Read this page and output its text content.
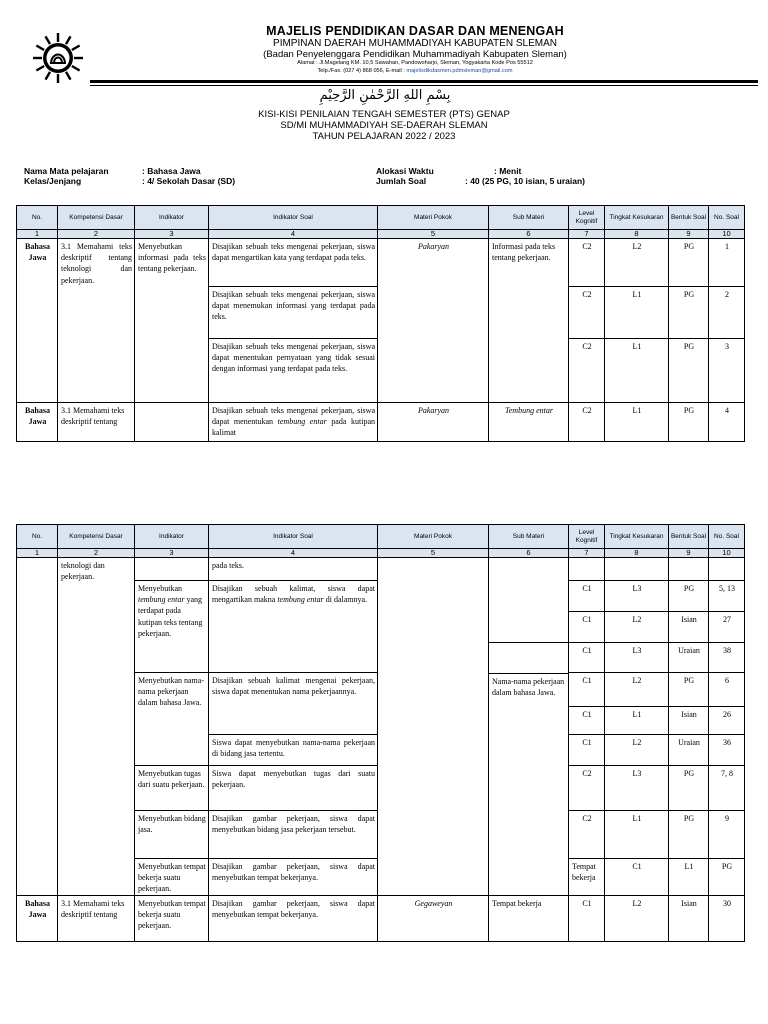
MAJELIS PENDIDIKAN DASAR DAN MENENGAH
PIMPINAN DAERAH MUHAMMADIYAH KABUPATEN SLEMAN
(Badan Penyelenggara Pendidikan Muhammadiyah Kabupaten Sleman)
Alamat : Jl.Magelang KM. 10,5 Sawahan, Pandowoharjo, Sleman, Yogyakarta Kode Pos 55512
Telp./Fax. (027 4) 868 056, E-mail : majelisdikdasmen.pdmsleman@gmail.com
بِسْمِ اللهِ الرَّحْمٰنِ الرَّحِيْمِ
KISI-KISI PENILAIAN TENGAH SEMESTER (PTS) GENAP
SD/MI MUHAMMADIYAH SE-DAERAH SLEMAN
TAHUN PELAJARAN 2022 / 2023
Nama Mata pelajaran	: Bahasa Jawa
Kelas/Jenjang	: 4/ Sekolah Dasar (SD)
Alokasi Waktu	: Menit
Jumlah Soal	: 40 (25 PG, 10 isian, 5 uraian)
No.	Kompetensi Dasar	Indikator	Indikator Soal	Materi Pokok	Sub Materi	Level Kognitif	Tingkat Kesukaran	Bentuk Soal	No. Soal
1	2	3	4	5	6	7	8	9	10
Bahasa Jawa	3.1 Memahami teks deskriptif tentang teknologi dan pekerjaan.	Menyebutkan informasi pada teks tentang pekerjaan.	Disajikan sebuah teks mengenai pekerjaan, siswa dapat mengartikan kata yang terdapat pada teks.	Pakaryan	Informasi pada teks tentang pekerjaan.	C2	L2	PG	1
			Disajikan sebuah teks mengenai pekerjaan, siswa dapat menemukan informasi yang terdapat pada teks.			C2	L1	PG	2
			Disajikan sebuah teks mengenai pekerjaan, siswa dapat menentukan pernyataan yang tidak sesuai dengan informasi yang terdapat pada teks.			C2	L1	PG	3
Bahasa Jawa	3.1 Memahami teks deskriptif tentang		Disajikan sebuah teks mengenai pekerjaan, siswa dapat menentukan tembung entar pada kutipan kalimat	Pakaryan	Tembung entar	C2	L1	PG	4
No.	Kompetensi Dasar	Indikator	Indikator Soal	Materi Pokok	Sub Materi	Level Kognitif	Tingkat Kesukaran	Bentuk Soal	No. Soal	
1	2	3	4	5	6	7	8	9	10	
	teknologi dan pekerjaan.		pada teks.							
		Menyebutkan tembung entar yang terdapat pada kutipan teks tentang pekerjaan.	Disajikan sebuah kalimat, siswa dapat mengartikan makna tembung entar di dalamnya.			C1	L3	PG	5, 13	
						C1	L2	Isian	27	

					Nama-nama pekerjaan dalam bahasa Jawa.	C1	L3	Uraian	38	
		Menyebutkan nama-nama pekerjaan dalam bahasa Jawa.	Disajikan sebuah kalimat mengenai pekerjaan, siswa dapat menentukan nama pekerjaannya.			C1	L2	PG	6	
						C1	L1	Isian	26	
			Siswa dapat menyebutkan nama-nama pekerjaan di bidang jasa tertentu.			C1	L2	Uraian	36	
		Menyebutkan tugas dari suatu pekerjaan.	Siswa dapat menyebutkan tugas dari suatu pekerjaan.			C2	L3	PG	7, 8	
		Menyebutkan bidang jasa.	Disajikan gambar pekerjaan, siswa dapat menyebutkan bidang jasa pekerjaan tersebut.			C2	L1	PG	9	
		Menyebutkan tempat bekerja suatu pekerjaan.	Disajikan gambar pekerjaan, siswa dapat menyebutkan tempat bekerjanya.			Tempat bekerja	C1	L1	PG	
Bahasa Jawa	3.1 Memahami teks deskriptif tentang	Menyebutkan tempat bekerja suatu pekerjaan.	Disajikan gambar pekerjaan, siswa dapat menyebutkan tempat bekerjanya.	Gegaweyan	Tempat bekerja	C1	L2	Isian	30	
